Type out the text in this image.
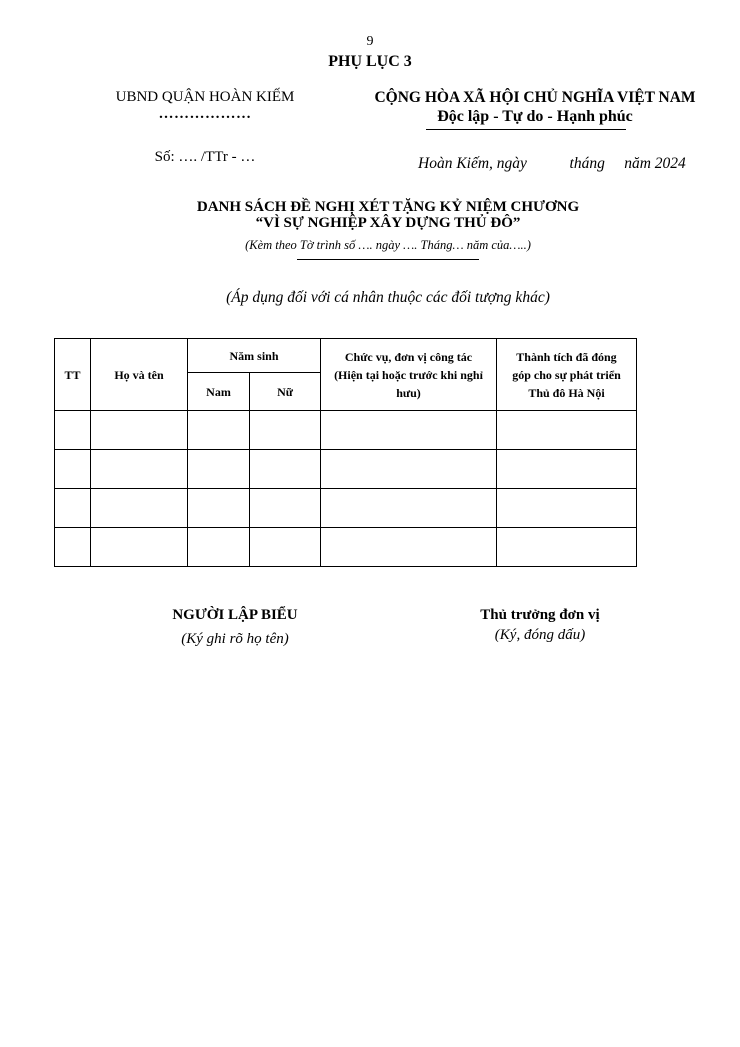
9
PHỤ LỤC 3
UBND QUẬN HOÀN KIẾM
………………
CỘNG HÒA XÃ HỘI CHỦ NGHĨA VIỆT NAM
Độc lập - Tự do - Hạnh phúc
Số: …. /TTr - …	Hoàn Kiếm, ngày           tháng     năm 2024
DANH SÁCH ĐỀ NGHỊ XÉT TẶNG KỶ NIỆM CHƯƠNG
“VÌ SỰ NGHIỆP XÂY DỰNG THỦ ĐÔ”
(Kèm theo Tờ trình số …. ngày …. Tháng… năm của…..)
(Áp dụng đối với cá nhân thuộc các đối tượng khác)
TT	Họ và tên	Năm sinh		Chức vụ, đơn vị công tác (Hiện tại hoặc trước khi nghỉ hưu)	Thành tích đã đóng góp cho sự phát triển Thủ đô Hà Nội
		Nam	Nữ		

NGƯỜI LẬP BIỂU
(Ký ghi rõ họ tên)
Thủ trưởng đơn vị
(Ký, đóng dấu)
